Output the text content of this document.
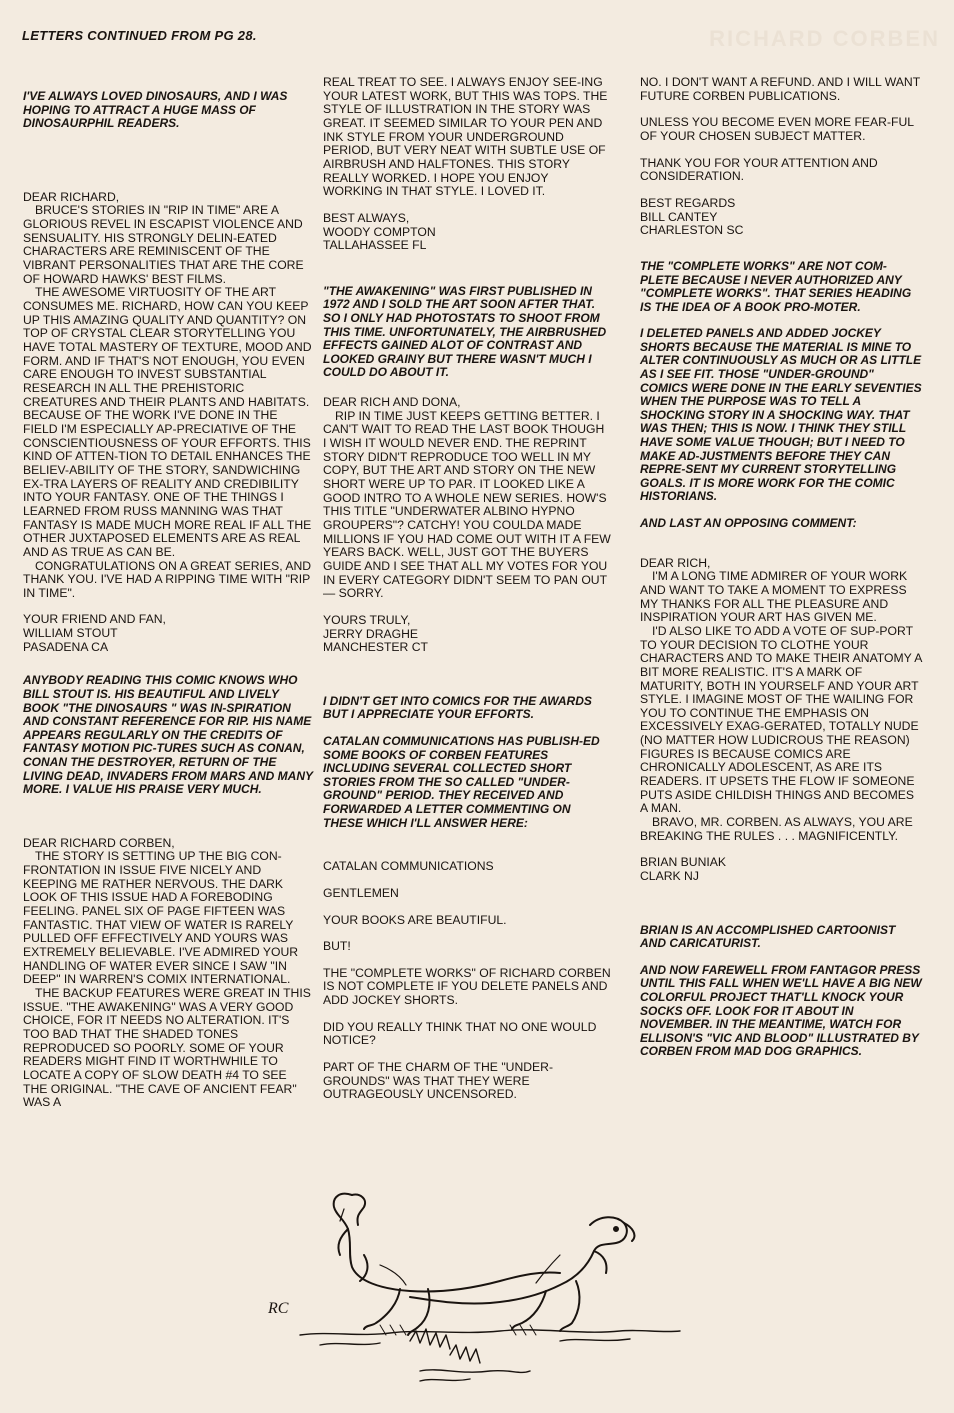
RICHARD CORBEN
LETTERS CONTINUED FROM PG 28.

I'VE ALWAYS LOVED DINOSAURS, AND I WAS HOPING TO ATTRACT A HUGE MASS OF DINOSAURPHIL READERS.

DEAR RICHARD,

BRUCE'S STORIES IN "RIP IN TIME" ARE A GLORIOUS REVEL IN ESCAPIST VIOLENCE AND SENSUALITY. HIS STRONGLY DELIN-EATED CHARACTERS ARE REMINISCENT OF THE VIBRANT PERSONALITIES THAT ARE THE CORE OF HOWARD HAWKS' BEST FILMS.

THE AWESOME VIRTUOSITY OF THE ART CONSUMES ME. RICHARD, HOW CAN YOU KEEP UP THIS AMAZING QUALITY AND QUANTITY? ON TOP OF CRYSTAL CLEAR STORYTELLING YOU HAVE TOTAL MASTERY OF TEXTURE, MOOD AND FORM. AND IF THAT'S NOT ENOUGH, YOU EVEN CARE ENOUGH TO INVEST SUBSTANTIAL RESEARCH IN ALL THE PREHISTORIC CREATURES AND THEIR PLANTS AND HABITATS. BECAUSE OF THE WORK I'VE DONE IN THE FIELD I'M ESPECIALLY AP-PRECIATIVE OF THE CONSCIENTIOUSNESS OF YOUR EFFORTS. THIS KIND OF ATTEN-TION TO DETAIL ENHANCES THE BELIEV-ABILITY OF THE STORY, SANDWICHING EX-TRA LAYERS OF REALITY AND CREDIBILITY INTO YOUR FANTASY. ONE OF THE THINGS I LEARNED FROM RUSS MANNING WAS THAT FANTASY IS MADE MUCH MORE REAL IF ALL THE OTHER JUXTAPOSED ELEMENTS ARE AS REAL AND AS TRUE AS CAN BE.

CONGRATULATIONS ON A GREAT SERIES, AND THANK YOU. I'VE HAD A RIPPING TIME WITH "RIP IN TIME".

YOUR FRIEND AND FAN,

WILLIAM STOUT

PASADENA CA

ANYBODY READING THIS COMIC KNOWS WHO BILL STOUT IS. HIS BEAUTIFUL AND LIVELY BOOK "THE DINOSAURS " WAS IN-SPIRATION AND CONSTANT REFERENCE FOR RIP. HIS NAME APPEARS REGULARLY ON THE CREDITS OF FANTASY MOTION PIC-TURES SUCH AS CONAN, CONAN THE DESTROYER, RETURN OF THE LIVING DEAD, INVADERS FROM MARS AND MANY MORE. I VALUE HIS PRAISE VERY MUCH.

DEAR RICHARD CORBEN,

THE STORY IS SETTING UP THE BIG CON-FRONTATION IN ISSUE FIVE NICELY AND KEEPING ME RATHER NERVOUS. THE DARK LOOK OF THIS ISSUE HAD A FOREBODING FEELING. PANEL SIX OF PAGE FIFTEEN WAS FANTASTIC. THAT VIEW OF WATER IS RARELY PULLED OFF EFFECTIVELY AND YOURS WAS EXTREMELY BELIEVABLE. I'VE ADMIRED YOUR HANDLING OF WATER EVER SINCE I SAW "IN DEEP" IN WARREN'S COMIX INTERNATIONAL.

THE BACKUP FEATURES WERE GREAT IN THIS ISSUE. "THE AWAKENING" WAS A VERY GOOD CHOICE, FOR IT NEEDS NO ALTERATION. IT'S TOO BAD THAT THE SHADED TONES REPRODUCED SO POORLY. SOME OF YOUR READERS MIGHT FIND IT WORTHWHILE TO LOCATE A COPY OF SLOW DEATH #4 TO SEE THE ORIGINAL. "THE CAVE OF ANCIENT FEAR" WAS A

REAL TREAT TO SEE. I ALWAYS ENJOY SEE-ING YOUR LATEST WORK, BUT THIS WAS TOPS. THE STYLE OF ILLUSTRATION IN THE STORY WAS GREAT. IT SEEMED SIMILAR TO YOUR PEN AND INK STYLE FROM YOUR UNDERGROUND PERIOD, BUT VERY NEAT WITH SUBTLE USE OF AIRBRUSH AND HALFTONES. THIS STORY REALLY WORKED. I HOPE YOU ENJOY WORKING IN THAT STYLE. I LOVED IT.

BEST ALWAYS,

WOODY COMPTON

TALLAHASSEE FL

"THE AWAKENING" WAS FIRST PUBLISHED IN 1972 AND I SOLD THE ART SOON AFTER THAT. SO I ONLY HAD PHOTOSTATS TO SHOOT FROM THIS TIME. UNFORTUNATELY, THE AIRBRUSHED EFFECTS GAINED ALOT OF CONTRAST AND LOOKED GRAINY BUT THERE WASN'T MUCH I COULD DO ABOUT IT.

DEAR RICH AND DONA,

RIP IN TIME JUST KEEPS GETTING BETTER. I CAN'T WAIT TO READ THE LAST BOOK THOUGH I WISH IT WOULD NEVER END. THE REPRINT STORY DIDN'T REPRODUCE TOO WELL IN MY COPY, BUT THE ART AND STORY ON THE NEW SHORT WERE UP TO PAR. IT LOOKED LIKE A GOOD INTRO TO A WHOLE NEW SERIES. HOW'S THIS TITLE "UNDERWATER ALBINO HYPNO GROUPERS"? CATCHY! YOU COULDA MADE MILLIONS IF YOU HAD COME OUT WITH IT A FEW YEARS BACK. WELL, JUST GOT THE BUYERS GUIDE AND I SEE THAT ALL MY VOTES FOR YOU IN EVERY CATEGORY DIDN'T SEEM TO PAN OUT — SORRY.

YOURS TRULY,

JERRY DRAGHE

MANCHESTER CT

I DIDN'T GET INTO COMICS FOR THE AWARDS BUT I APPRECIATE YOUR EFFORTS.

CATALAN COMMUNICATIONS HAS PUBLISH-ED SOME BOOKS OF CORBEN FEATURES INCLUDING SEVERAL COLLECTED SHORT STORIES FROM THE SO CALLED "UNDER-GROUND" PERIOD. THEY RECEIVED AND FORWARDED A LETTER COMMENTING ON THESE WHICH I'LL ANSWER HERE:

CATALAN COMMUNICATIONS

GENTLEMEN

YOUR BOOKS ARE BEAUTIFUL.

BUT!

THE "COMPLETE WORKS" OF RICHARD CORBEN IS NOT COMPLETE IF YOU DELETE PANELS AND ADD JOCKEY SHORTS.

DID YOU REALLY THINK THAT NO ONE WOULD NOTICE?

PART OF THE CHARM OF THE "UNDER-GROUNDS" WAS THAT THEY WERE OUTRAGEOUSLY UNCENSORED.

NO. I DON'T WANT A REFUND. AND I WILL WANT FUTURE CORBEN PUBLICATIONS.

UNLESS YOU BECOME EVEN MORE FEAR-FUL OF YOUR CHOSEN SUBJECT MATTER.

THANK YOU FOR YOUR ATTENTION AND CONSIDERATION.

BEST REGARDS

BILL CANTEY

CHARLESTON SC

THE "COMPLETE WORKS" ARE NOT COM-PLETE BECAUSE I NEVER AUTHORIZED ANY "COMPLETE WORKS". THAT SERIES HEADING IS THE IDEA OF A BOOK PRO-MOTER.

I DELETED PANELS AND ADDED JOCKEY SHORTS BECAUSE THE MATERIAL IS MINE TO ALTER CONTINUOUSLY AS MUCH OR AS LITTLE AS I SEE FIT. THOSE "UNDER-GROUND" COMICS WERE DONE IN THE EARLY SEVENTIES WHEN THE PURPOSE WAS TO TELL A SHOCKING STORY IN A SHOCKING WAY. THAT WAS THEN; THIS IS NOW. I THINK THEY STILL HAVE SOME VALUE THOUGH; BUT I NEED TO MAKE AD-JUSTMENTS BEFORE THEY CAN REPRE-SENT MY CURRENT STORYTELLING GOALS. IT IS MORE WORK FOR THE COMIC HISTORIANS.

AND LAST AN OPPOSING COMMENT:

DEAR RICH,

I'M A LONG TIME ADMIRER OF YOUR WORK AND WANT TO TAKE A MOMENT TO EXPRESS MY THANKS FOR ALL THE PLEASURE AND INSPIRATION YOUR ART HAS GIVEN ME.

I'D ALSO LIKE TO ADD A VOTE OF SUP-PORT TO YOUR DECISION TO CLOTHE YOUR CHARACTERS AND TO MAKE THEIR ANATOMY A BIT MORE REALISTIC. IT'S A MARK OF MATURITY, BOTH IN YOURSELF AND YOUR ART STYLE. I IMAGINE MOST OF THE WAILING FOR YOU TO CONTINUE THE EMPHASIS ON EXCESSIVELY EXAG-GERATED, TOTALLY NUDE (NO MATTER HOW LUDICROUS THE REASON) FIGURES IS BECAUSE COMICS ARE CHRONICALLY ADOLESCENT, AS ARE ITS READERS. IT UPSETS THE FLOW IF SOMEONE PUTS ASIDE CHILDISH THINGS AND BECOMES A MAN.

BRAVO, MR. CORBEN. AS ALWAYS, YOU ARE BREAKING THE RULES . . . MAGNIFICENTLY.

BRIAN BUNIAK

CLARK NJ

BRIAN IS AN ACCOMPLISHED CARTOONIST AND CARICATURIST.

AND NOW FAREWELL FROM FANTAGOR PRESS UNTIL THIS FALL WHEN WE'LL HAVE A BIG NEW COLORFUL PROJECT THAT'LL KNOCK YOUR SOCKS OFF. LOOK FOR IT ABOUT IN NOVEMBER. IN THE MEANTIME, WATCH FOR ELLISON'S "VIC AND BLOOD" ILLUSTRATED BY CORBEN FROM MAD DOG GRAPHICS.

RC
